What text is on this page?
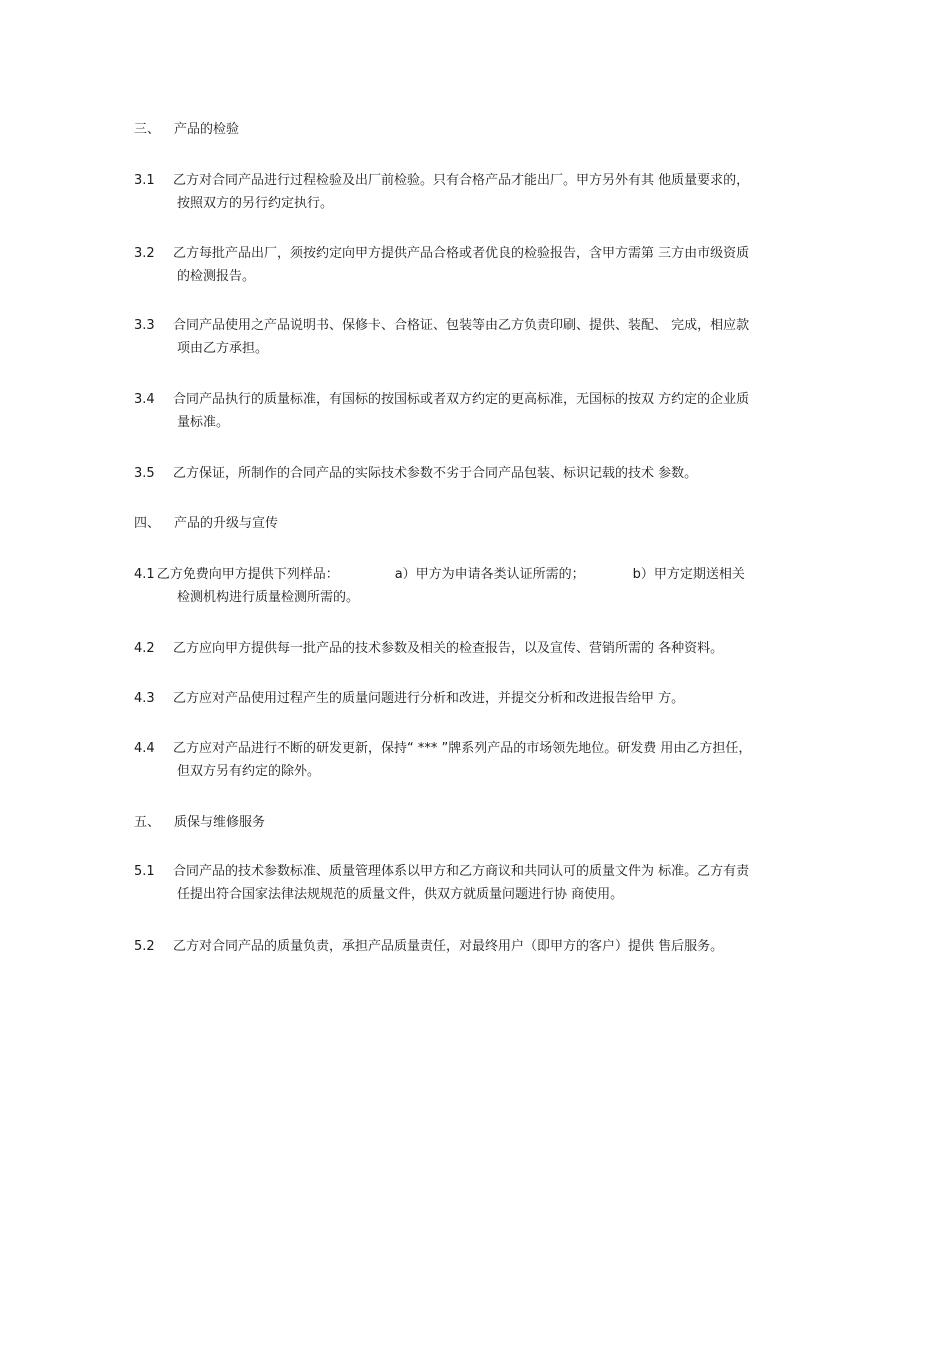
三、 产品的检验
3.1 乙方对合同产品进行过程检验及出厂前检验。只有合格产品才能出厂。甲方另外有其 他质量要求的，
按照双方的另行约定执行。
3.2 乙方每批产品出厂，须按约定向甲方提供产品合格或者优良的检验报告，含甲方需第 三方由市级资质
的检测报告。
3.3 合同产品使用之产品说明书、保修卡、合格证、包装等由乙方负责印刷、提供、装配、 完成，相应款
项由乙方承担。
3.4 合同产品执行的质量标准，有国标的按国标或者双方约定的更高标准，无国标的按双 方约定的企业质
量标准。
3.5 乙方保证，所制作的合同产品的实际技术参数不劣于合同产品包装、标识记载的技术 参数。
四、 产品的升级与宣传
4.1 乙方免费向甲方提供下列样品：	a）甲方为申请各类认证所需的；	b）甲方定期送相关
检测机构进行质量检测所需的。
4.2 乙方应向甲方提供每一批产品的技术参数及相关的检查报告，以及宣传、营销所需的 各种资料。
4.3 乙方应对产品使用过程产生的质量问题进行分析和改进，并提交分析和改进报告给甲 方。
4.4 乙方应对产品进行不断的研发更新，保持“ *** ”牌系列产品的市场领先地位。研发费 用由乙方担任，
但双方另有约定的除外。
五、 质保与维修服务
5.1 合同产品的技术参数标准、质量管理体系以甲方和乙方商议和共同认可的质量文件为 标准。乙方有责
任提出符合国家法律法规规范的质量文件，供双方就质量问题进行协 商使用。
5.2 乙方对合同产品的质量负责，承担产品质量责任，对最终用户（即甲方的客户）提供 售后服务。
